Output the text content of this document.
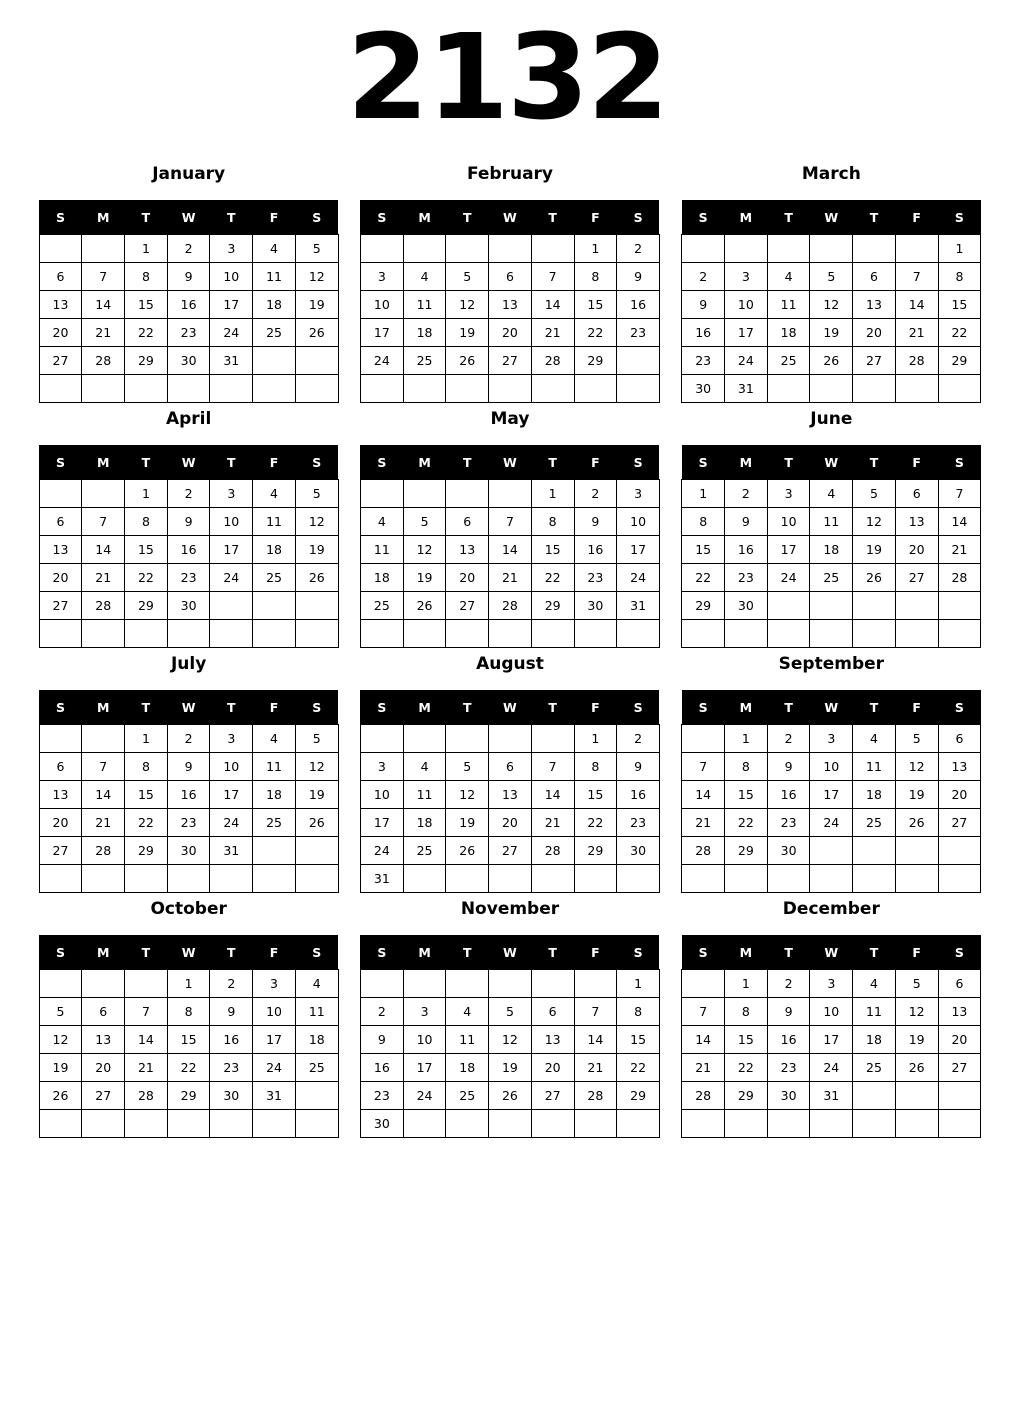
2132
January
S	M	T	W	T	F	S
		1	2	3	4	5
6	7	8	9	10	11	12
13	14	15	16	17	18	19
20	21	22	23	24	25	26
27	28	29	30	31		

February
S	M	T	W	T	F	S
					1	2
3	4	5	6	7	8	9
10	11	12	13	14	15	16
17	18	19	20	21	22	23
24	25	26	27	28	29	

March
S	M	T	W	T	F	S
						1
2	3	4	5	6	7	8
9	10	11	12	13	14	15
16	17	18	19	20	21	22
23	24	25	26	27	28	29
30	31					
April
S	M	T	W	T	F	S
		1	2	3	4	5
6	7	8	9	10	11	12
13	14	15	16	17	18	19
20	21	22	23	24	25	26
27	28	29	30			

May
S	M	T	W	T	F	S
				1	2	3
4	5	6	7	8	9	10
11	12	13	14	15	16	17
18	19	20	21	22	23	24
25	26	27	28	29	30	31

June
S	M	T	W	T	F	S
1	2	3	4	5	6	7
8	9	10	11	12	13	14
15	16	17	18	19	20	21
22	23	24	25	26	27	28
29	30					

July
S	M	T	W	T	F	S
		1	2	3	4	5
6	7	8	9	10	11	12
13	14	15	16	17	18	19
20	21	22	23	24	25	26
27	28	29	30	31		

August
S	M	T	W	T	F	S
					1	2
3	4	5	6	7	8	9
10	11	12	13	14	15	16
17	18	19	20	21	22	23
24	25	26	27	28	29	30
31						
September
S	M	T	W	T	F	S
	1	2	3	4	5	6
7	8	9	10	11	12	13
14	15	16	17	18	19	20
21	22	23	24	25	26	27
28	29	30				

October
S	M	T	W	T	F	S
			1	2	3	4
5	6	7	8	9	10	11
12	13	14	15	16	17	18
19	20	21	22	23	24	25
26	27	28	29	30	31	

November
S	M	T	W	T	F	S
						1
2	3	4	5	6	7	8
9	10	11	12	13	14	15
16	17	18	19	20	21	22
23	24	25	26	27	28	29
30						
December
S	M	T	W	T	F	S
	1	2	3	4	5	6
7	8	9	10	11	12	13
14	15	16	17	18	19	20
21	22	23	24	25	26	27
28	29	30	31			
